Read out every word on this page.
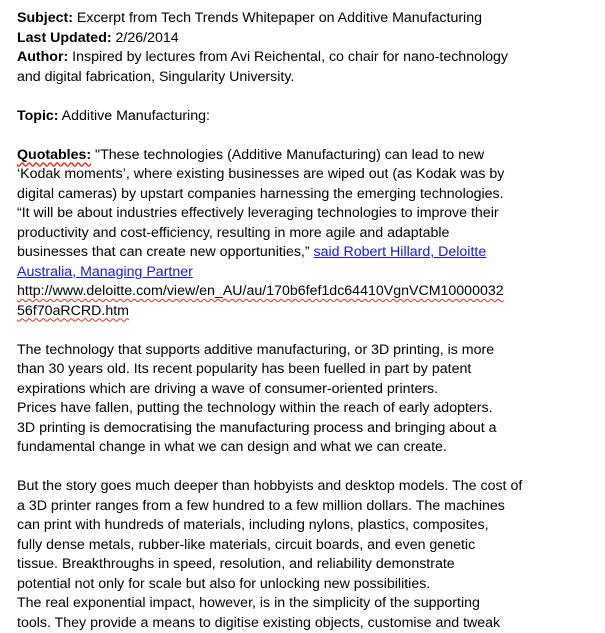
Subject: Excerpt from Tech Trends Whitepaper on Additive Manufacturing
Last Updated: 2/26/2014
Author: Inspired by lectures from Avi Reichental, co chair for nano-technology
and digital fabrication, Singularity University.
Topic: Additive Manufacturing:
Quotables: "These technologies (Additive Manufacturing) can lead to new
‘Kodak moments’, where existing businesses are wiped out (as Kodak was by
digital cameras) by upstart companies harnessing the emerging technologies.
“It will be about industries effectively leveraging technologies to improve their
productivity and cost-efficiency, resulting in more agile and adaptable
businesses that can create new opportunities,” said Robert Hillard, Deloitte
Australia, Managing Partner
http://www.deloitte.com/view/en_AU/au/170b6fef1dc64410VgnVCM10000032
56f70aRCRD.htm
The technology that supports additive manufacturing, or 3D printing, is more
than 30 years old. Its recent popularity has been fuelled in part by patent
expirations which are driving a wave of consumer-oriented printers.
Prices have fallen, putting the technology within the reach of early adopters.
3D printing is democratising the manufacturing process and bringing about a
fundamental change in what we can design and what we can create.
But the story goes much deeper than hobbyists and desktop models. The cost of
a 3D printer ranges from a few hundred to a few million dollars. The machines
can print with hundreds of materials, including nylons, plastics, composites,
fully dense metals, rubber-like materials, circuit boards, and even genetic
tissue. Breakthroughs in speed, resolution, and reliability demonstrate
potential not only for scale but also for unlocking new possibilities.
The real exponential impact, however, is in the simplicity of the supporting
tools. They provide a means to digitise existing objects, customise and tweak
